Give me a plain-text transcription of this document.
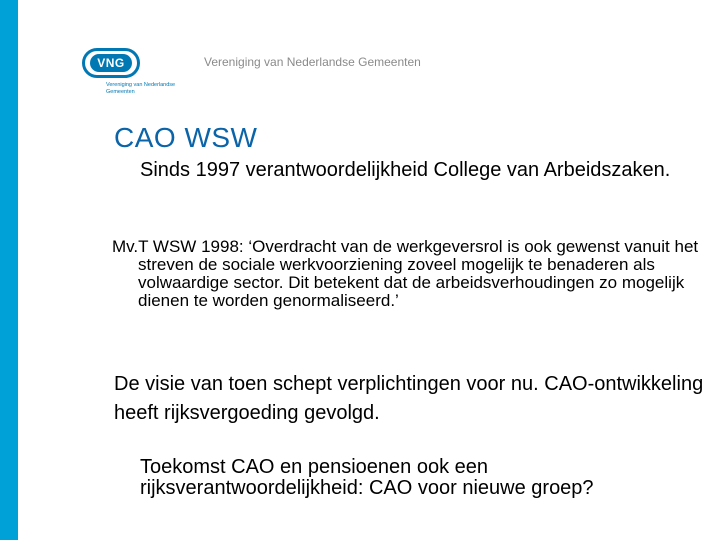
VNG
Vereniging van Nederlandse Gemeenten
Vereniging van Nederlandse Gemeenten
CAO WSW
Sinds 1997 verantwoordelijkheid College van Arbeidszaken.
Mv.T WSW 1998: ‘Overdracht van de werkgeversrol is ook gewenst vanuit het streven de sociale werkvoorziening zoveel mogelijk te benaderen als volwaardige sector. Dit betekent dat de arbeidsverhoudingen zo mogelijk dienen te worden genormaliseerd.’
De visie van toen schept verplichtingen voor nu. CAO-ontwikkeling heeft rijksvergoeding gevolgd.
Toekomst CAO en pensioenen ook een rijksverantwoordelijkheid: CAO voor nieuwe groep?
